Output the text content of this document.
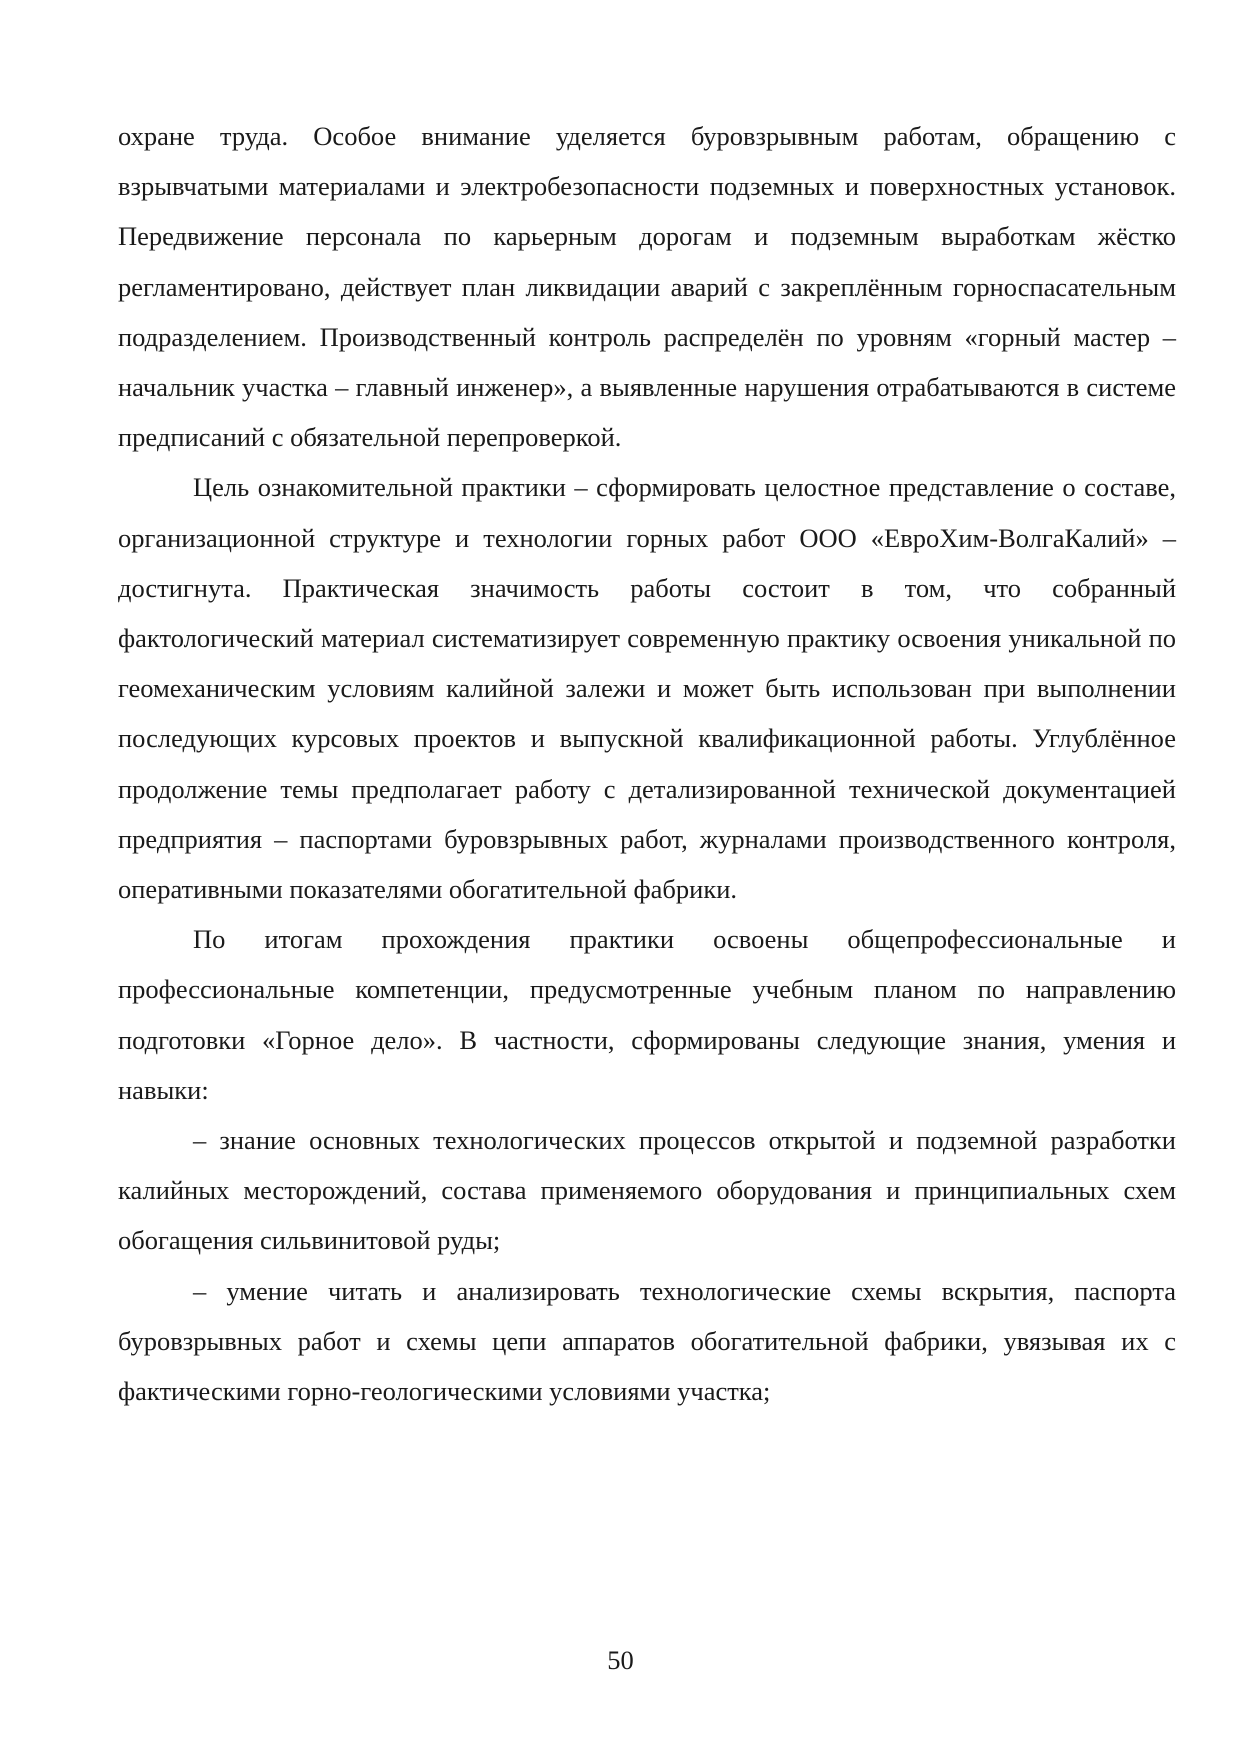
охране труда. Особое внимание уделяется буровзрывным работам, обращению с взрывчатыми материалами и электробезопасности подземных и поверхностных установок. Передвижение персонала по карьерным дорогам и подземным выработкам жёстко регламентировано, действует план ликвидации аварий с закреплённым горноспасательным подразделением. Производственный контроль распределён по уровням «горный мастер – начальник участка – главный инженер», а выявленные нарушения отрабатываются в системе предписаний с обязательной перепроверкой.

Цель ознакомительной практики – сформировать целостное представление о составе, организационной структуре и технологии горных работ ООО «ЕвроХим-ВолгаКалий» – достигнута. Практическая значимость работы состоит в том, что собранный фактологический материал систематизирует современную практику освоения уникальной по геомеханическим условиям калийной залежи и может быть использован при выполнении последующих курсовых проектов и выпускной квалификационной работы. Углублённое продолжение темы предполагает работу с детализированной технической документацией предприятия – паспортами буровзрывных работ, журналами производственного контроля, оперативными показателями обогатительной фабрики.

По итогам прохождения практики освоены общепрофессиональные и профессиональные компетенции, предусмотренные учебным планом по направлению подготовки «Горное дело». В частности, сформированы следующие знания, умения и навыки:

– знание основных технологических процессов открытой и подземной разработки калийных месторождений, состава применяемого оборудования и принципиальных схем обогащения сильвинитовой руды;

– умение читать и анализировать технологические схемы вскрытия, паспорта буровзрывных работ и схемы цепи аппаратов обогатительной фабрики, увязывая их с фактическими горно-геологическими условиями участка;

50
